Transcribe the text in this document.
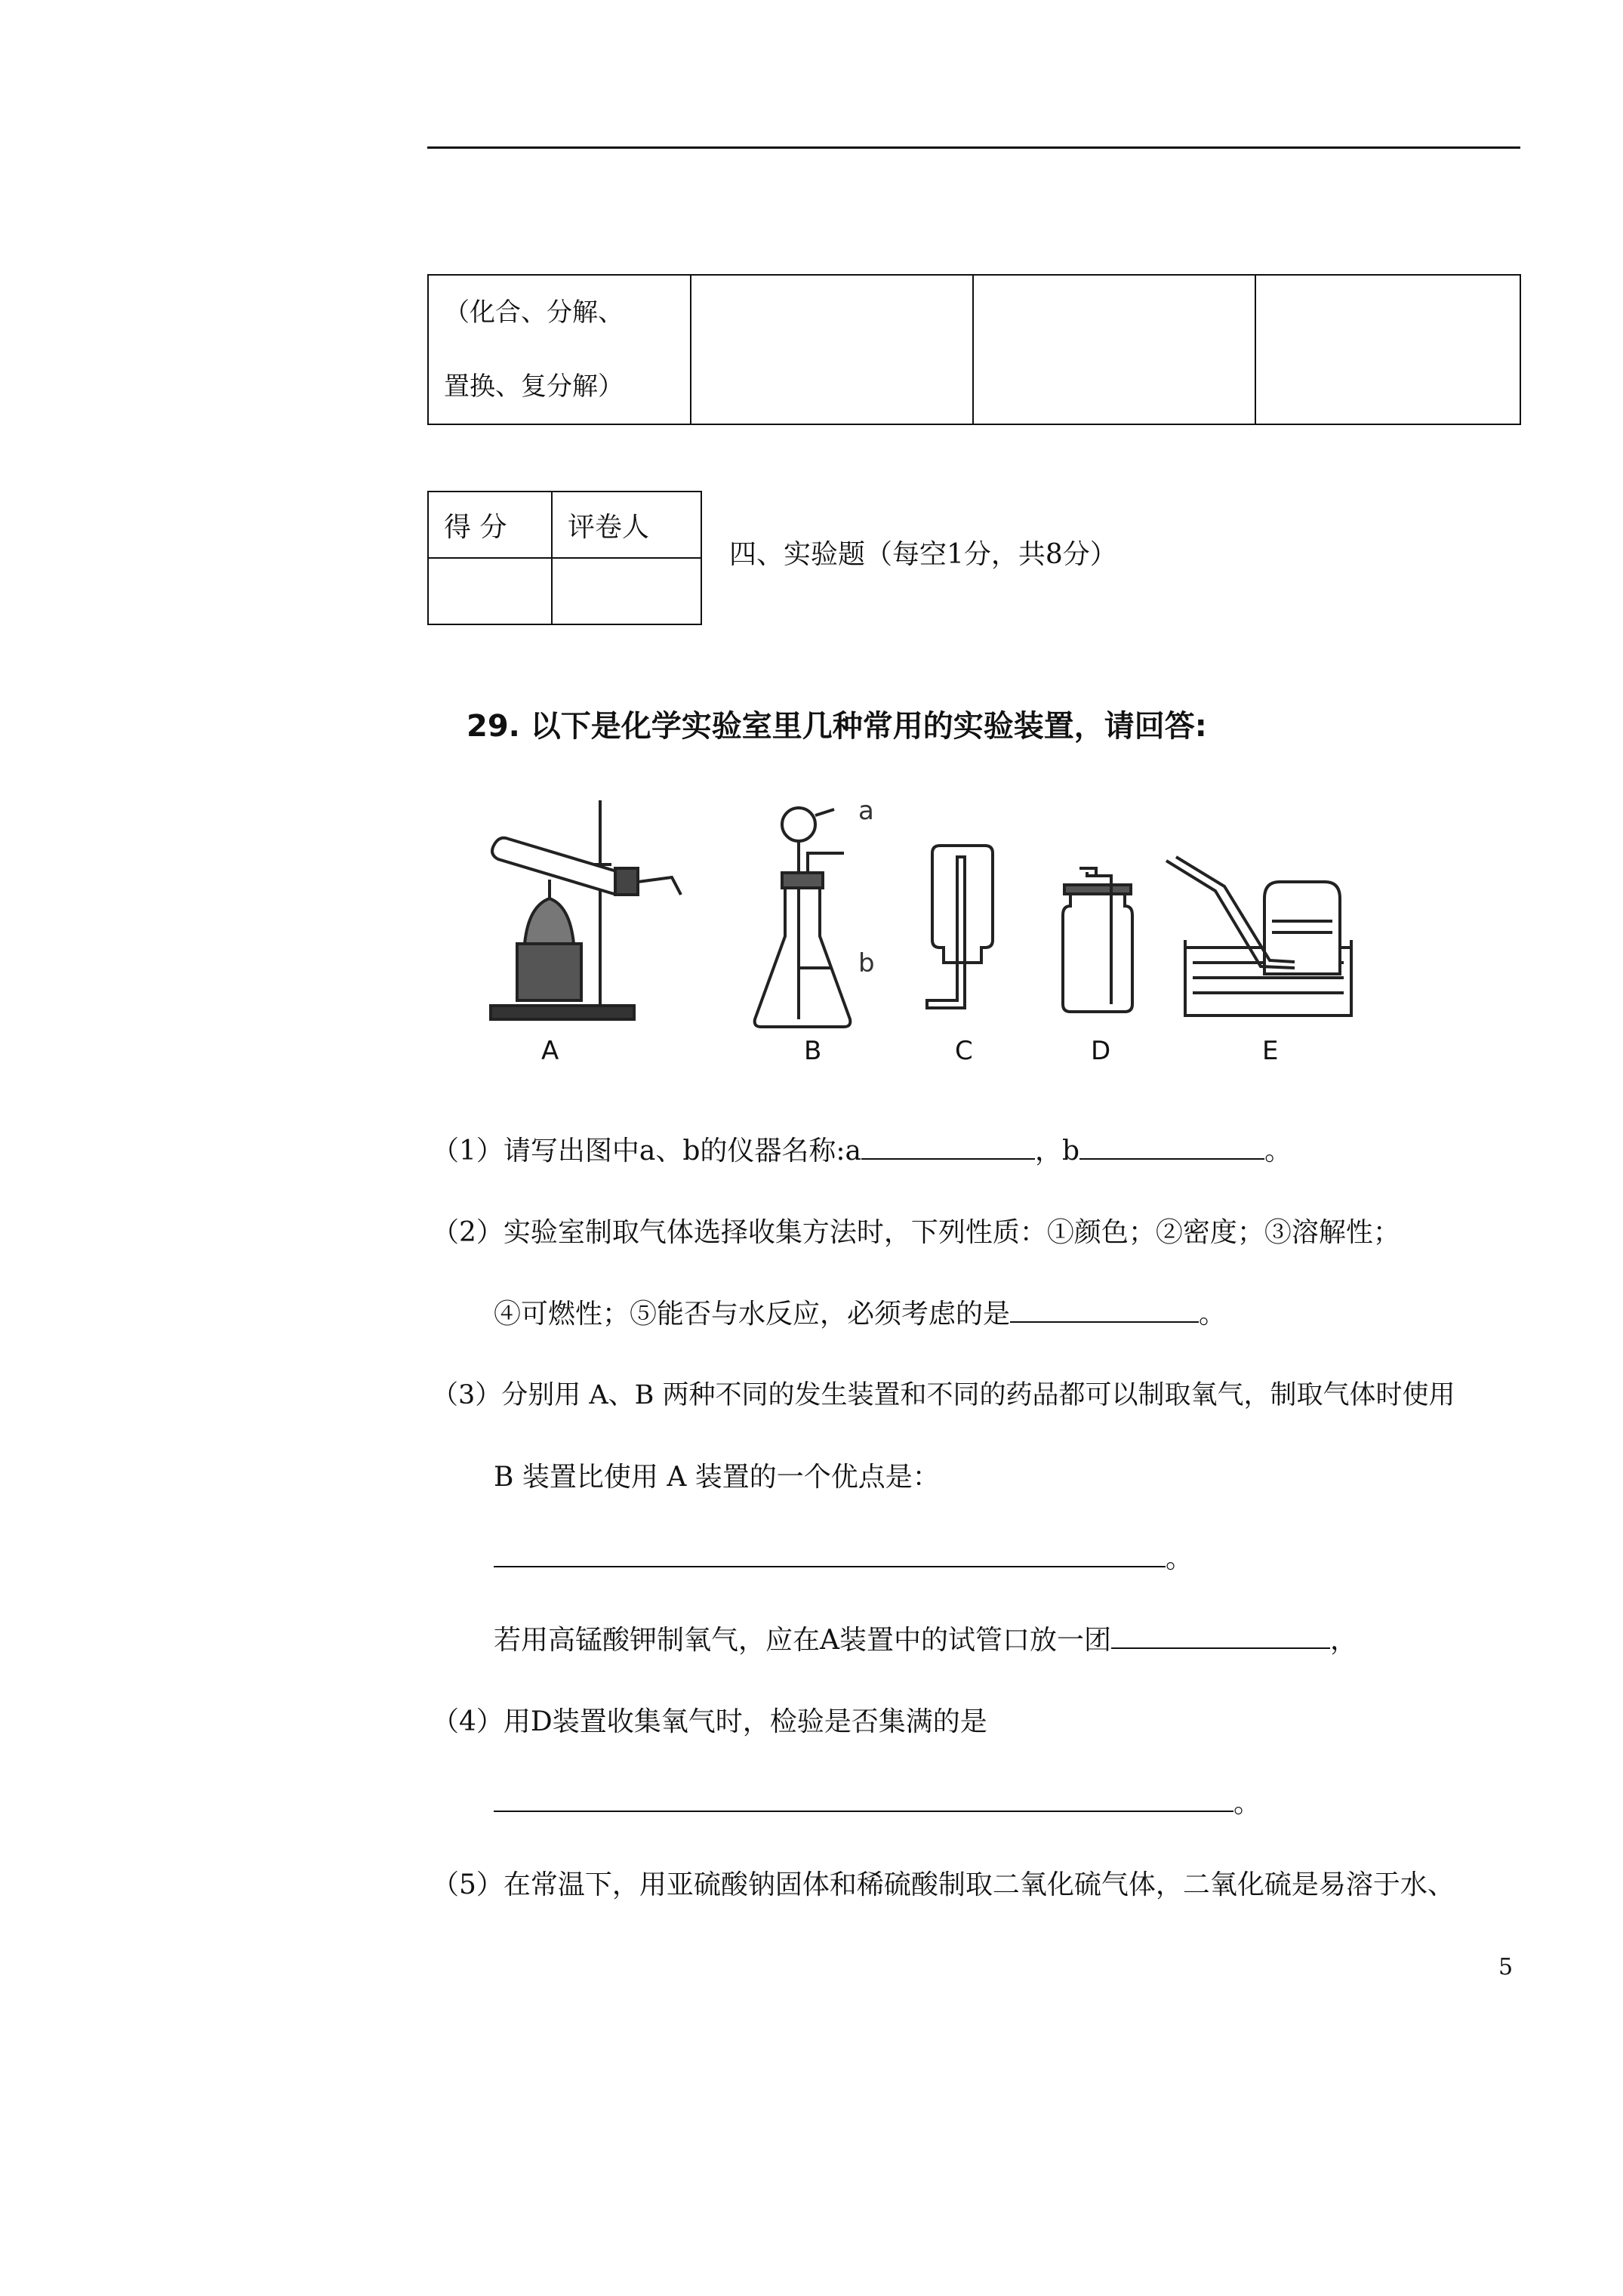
（化合、分解、
置换、复分解）

得 分	评卷人

四、实验题（每空1分，共8分）
29. 以下是化学实验室里几种常用的实验装置，请回答:
a
b
A	B	C	D	E
（1）请写出图中a、b的仪器名称:a	，b	。
（2）实验室制取气体选择收集方法时，下列性质：①颜色；②密度；③溶解性；
④可燃性；⑤能否与水反应，必须考虑的是	。
（3）分别用 A、B 两种不同的发生装置和不同的药品都可以制取氧气，制取气体时使用
B 装置比使用 A 装置的一个优点是：
。
若用高锰酸钾制氧气，应在A装置中的试管口放一团	，
（4）用D装置收集氧气时，检验是否集满的是
。
（5）在常温下，用亚硫酸钠固体和稀硫酸制取二氧化硫气体，二氧化硫是易溶于水、
5
